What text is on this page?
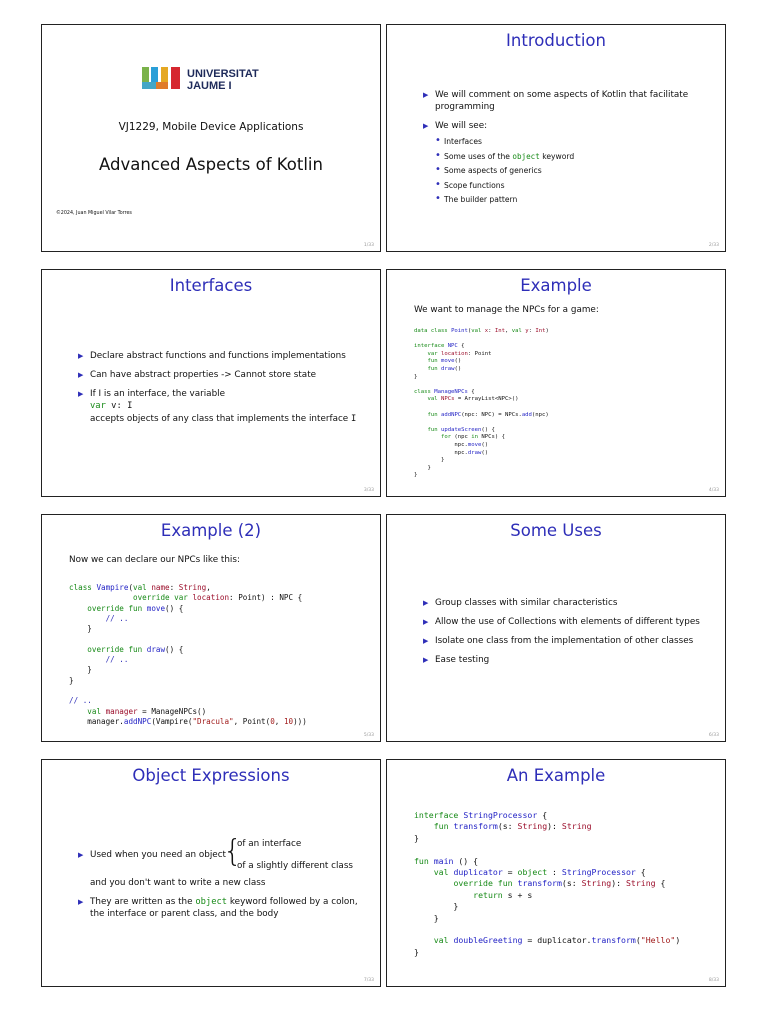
UNIVERSITAT
JAUME I
VJ1229, Mobile Device Applications
Advanced Aspects of Kotlin
©2024, Juan Miguel Vilar Torres
1/33
Introduction
▶ We will comment on some aspects of Kotlin that facilitate programming
▶ We will see:
• Interfaces
• Some uses of the object keyword
• Some aspects of generics
• Scope functions
• The builder pattern
2/33
Interfaces
▶ Declare abstract functions and functions implementations
▶ Can have abstract properties -> Cannot store state
▶ If I is an interface, the variable
var v: I
accepts objects of any class that implements the interface I
3/33
Example
We want to manage the NPCs for a game:
data class Point(val x: Int, val y: Int)

interface NPC {
var location: Point
fun move()
fun draw()
}

class ManageNPCs {
val NPCs = ArrayList<NPC>()

fun addNPC(npc: NPC) = NPCs.add(npc)

fun updateScreen() {
for (npc in NPCs) {
npc.move()
npc.draw()
}
}
}
4/33
Example (2)
Now we can declare our NPCs like this:
class Vampire(val name: String,
override var location: Point) : NPC {
override fun move() {
// ..
}

override fun draw() {
// ..
}
}

// ..
val manager = ManageNPCs()
manager.addNPC(Vampire("Dracula", Point(0, 10)))
5/33
Some Uses
▶ Group classes with similar characteristics
▶ Allow the use of Collections with elements of different types
▶ Isolate one class from the implementation of other classes
▶ Ease testing
6/33
Object Expressions
▶ Used when you need an object
{
of an interface
of a slightly different class
and you don't want to write a new class
▶ They are written as the object keyword followed by a colon, the interface or parent class, and the body
7/33
An Example
interface StringProcessor {
fun transform(s: String): String
}

fun main () {
val duplicator = object : StringProcessor {
override fun transform(s: String): String {
return s + s
}
}

val doubleGreeting = duplicator.transform("Hello")
}
8/33
